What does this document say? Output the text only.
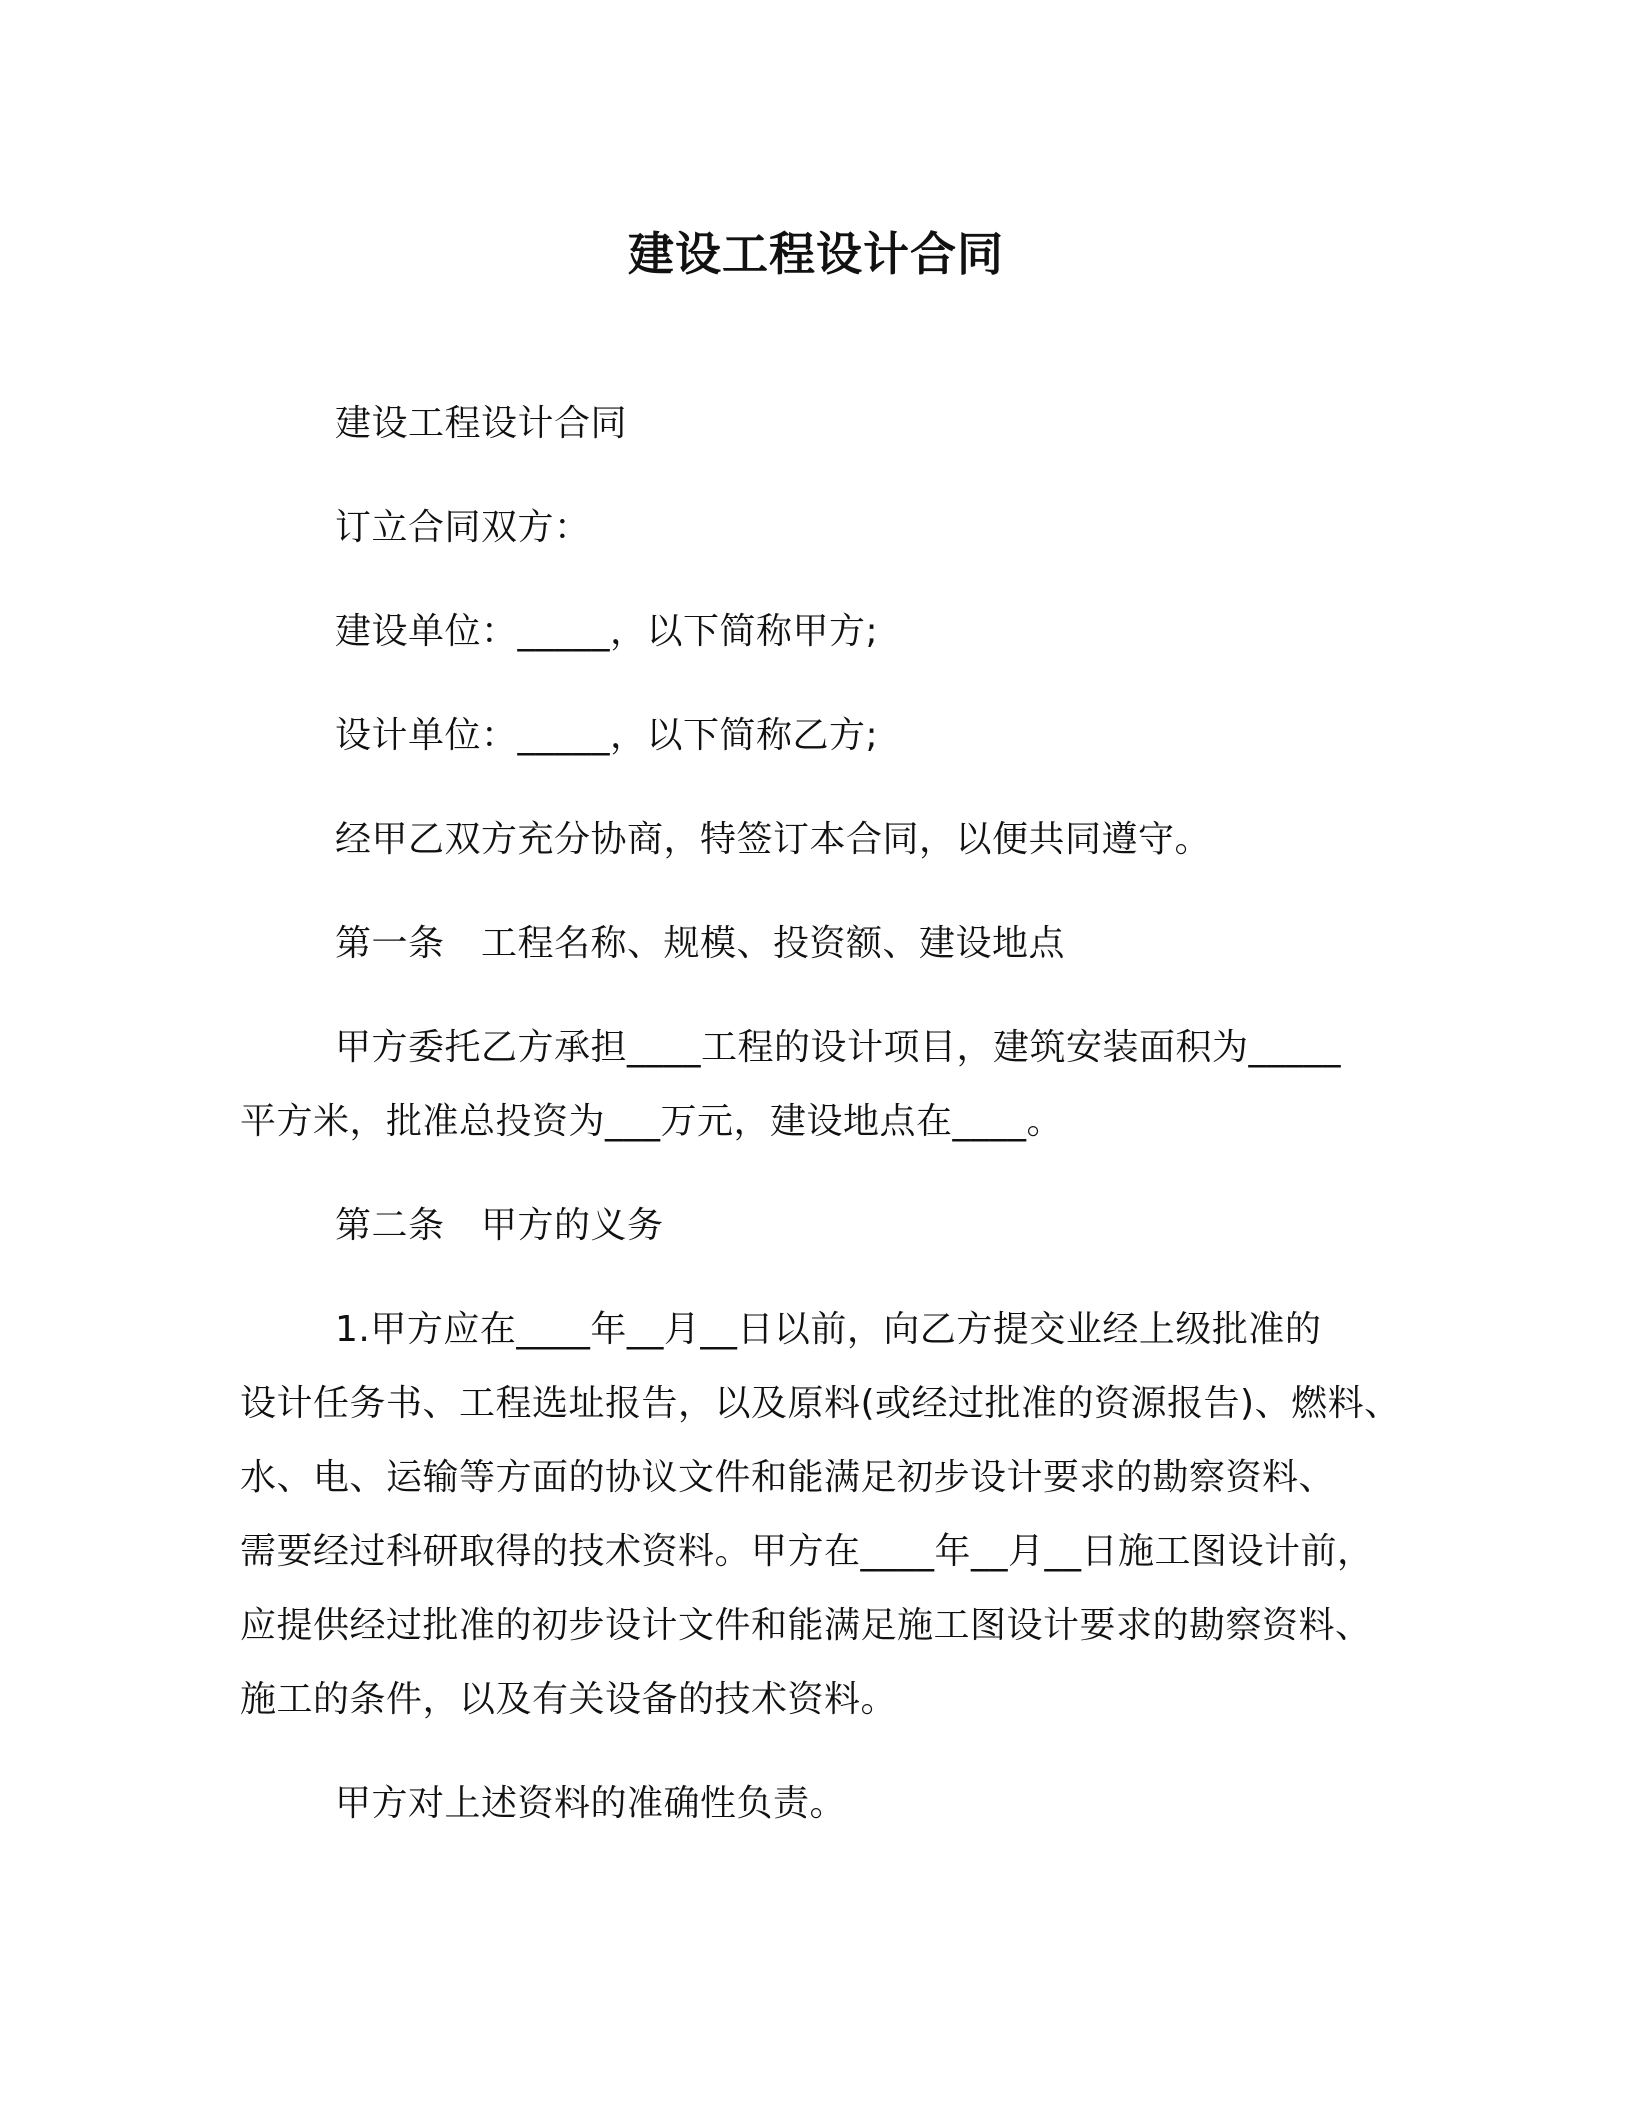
建设工程设计合同
建设工程设计合同
订立合同双方：
建设单位：_____，以下简称甲方;
设计单位：_____，以下简称乙方;
经甲乙双方充分协商，特签订本合同，以便共同遵守。
第一条　工程名称、规模、投资额、建设地点
甲方委托乙方承担____工程的设计项目，建筑安装面积为_____
平方米，批准总投资为___万元，建设地点在____。
第二条　甲方的义务
1.甲方应在____年__月__日以前，向乙方提交业经上级批准的
设计任务书、工程选址报告，以及原料(或经过批准的资源报告)、燃料、
水、电、运输等方面的协议文件和能满足初步设计要求的勘察资料、
需要经过科研取得的技术资料。甲方在____年__月__日施工图设计前，
应提供经过批准的初步设计文件和能满足施工图设计要求的勘察资料、
施工的条件，以及有关设备的技术资料。
甲方对上述资料的准确性负责。
